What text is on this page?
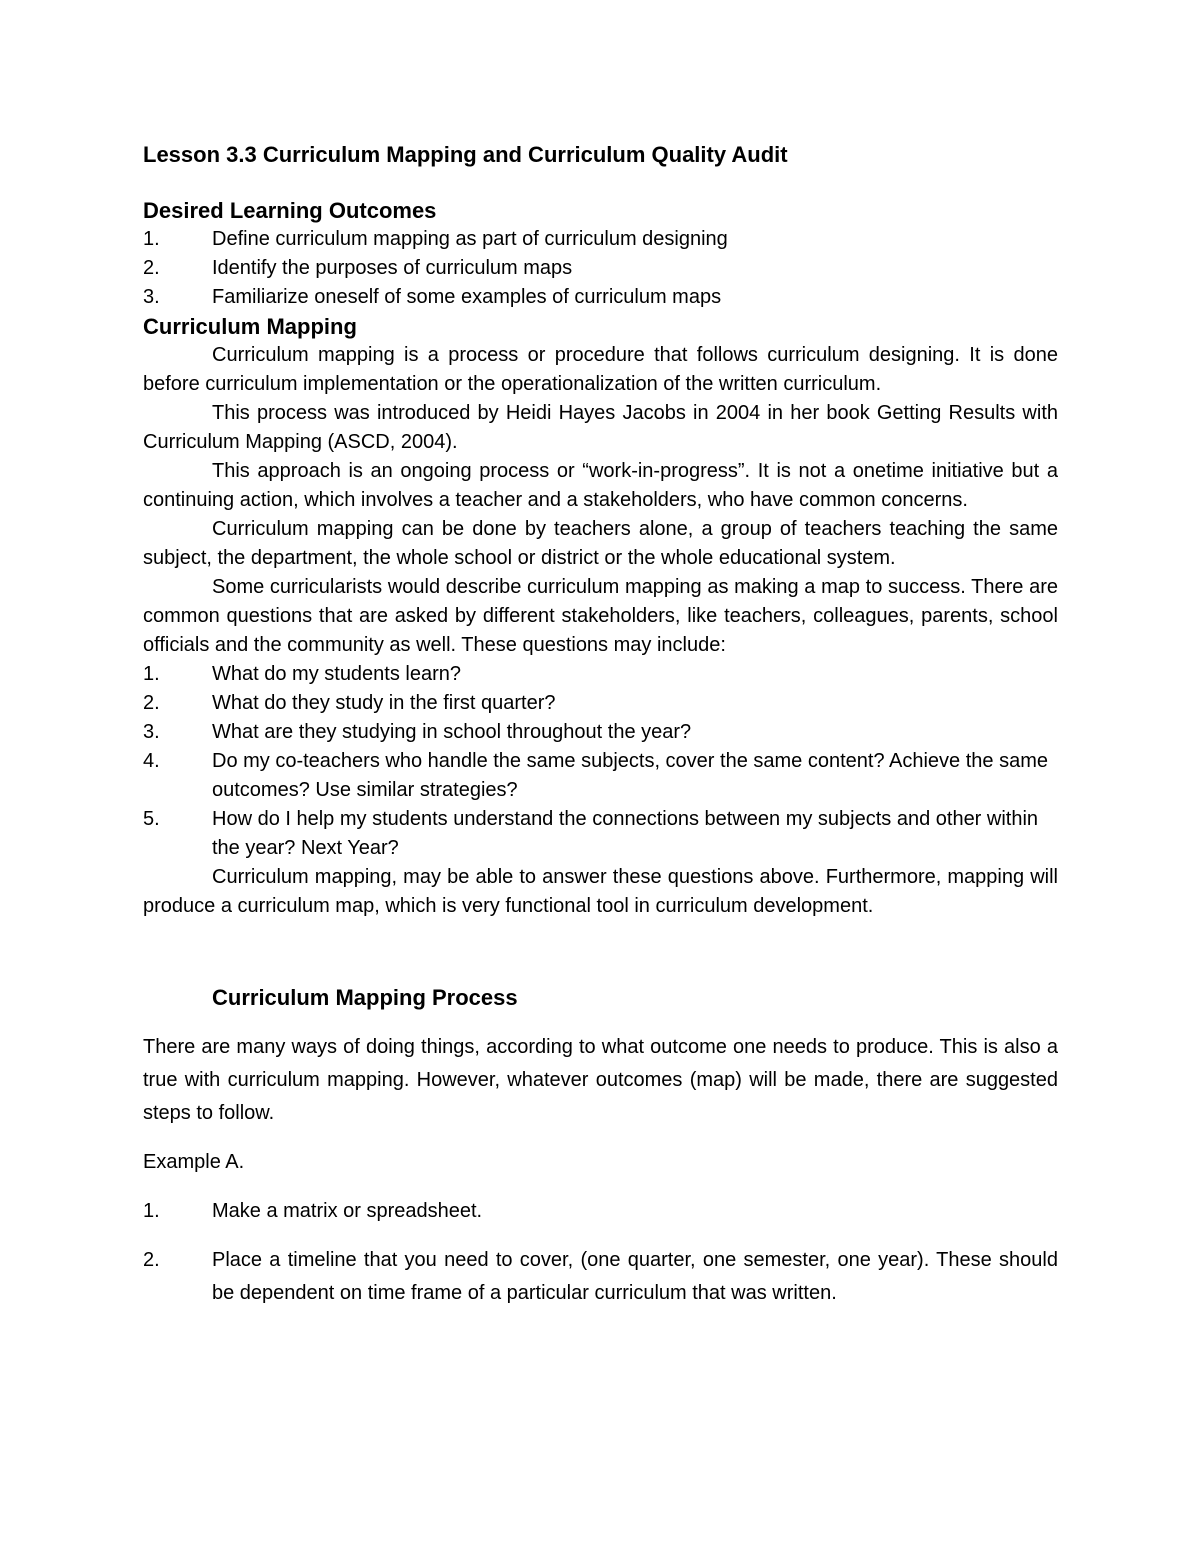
Lesson 3.3 Curriculum Mapping and Curriculum Quality Audit
Desired Learning Outcomes
1.	Define curriculum mapping as part of curriculum designing
2.	Identify the purposes of curriculum maps
3.	Familiarize oneself of some examples of curriculum maps
Curriculum Mapping

Curriculum mapping is a process or procedure that follows curriculum designing. It is done before curriculum implementation or the operationalization of the written curriculum.

This process was introduced by Heidi Hayes Jacobs in 2004 in her book Getting Results with Curriculum Mapping (ASCD, 2004).

This approach is an ongoing process or “work-in-progress”. It is not a onetime initiative but a continuing action, which involves a teacher and a stakeholders, who have common concerns.

Curriculum mapping can be done by teachers alone, a group of teachers teaching the same subject, the department, the whole school or district or the whole educational system.

Some curricularists would describe curriculum mapping as making a map to success. There are common questions that are asked by different stakeholders, like teachers, colleagues, parents, school officials and the community as well. These questions may include:

1.	What do my students learn?
2.	What do they study in the first quarter?
3.	What are they studying in school throughout the year?
4.	Do my co-teachers who handle the same subjects, cover the same content? Achieve the same outcomes? Use similar strategies?
5.	How do I help my students understand the connections between my subjects and other within the year? Next Year?

Curriculum mapping, may be able to answer these questions above. Furthermore, mapping will produce a curriculum map, which is very functional tool in curriculum development.

Curriculum Mapping Process

There are many ways of doing things, according to what outcome one needs to produce. This is also a true with curriculum mapping. However, whatever outcomes (map) will be made, there are suggested steps to follow.

Example A.

1.	Make a matrix or spreadsheet.
2.	Place a timeline that you need to cover, (one quarter, one semester, one year). These should be dependent on time frame of a particular curriculum that was written.
